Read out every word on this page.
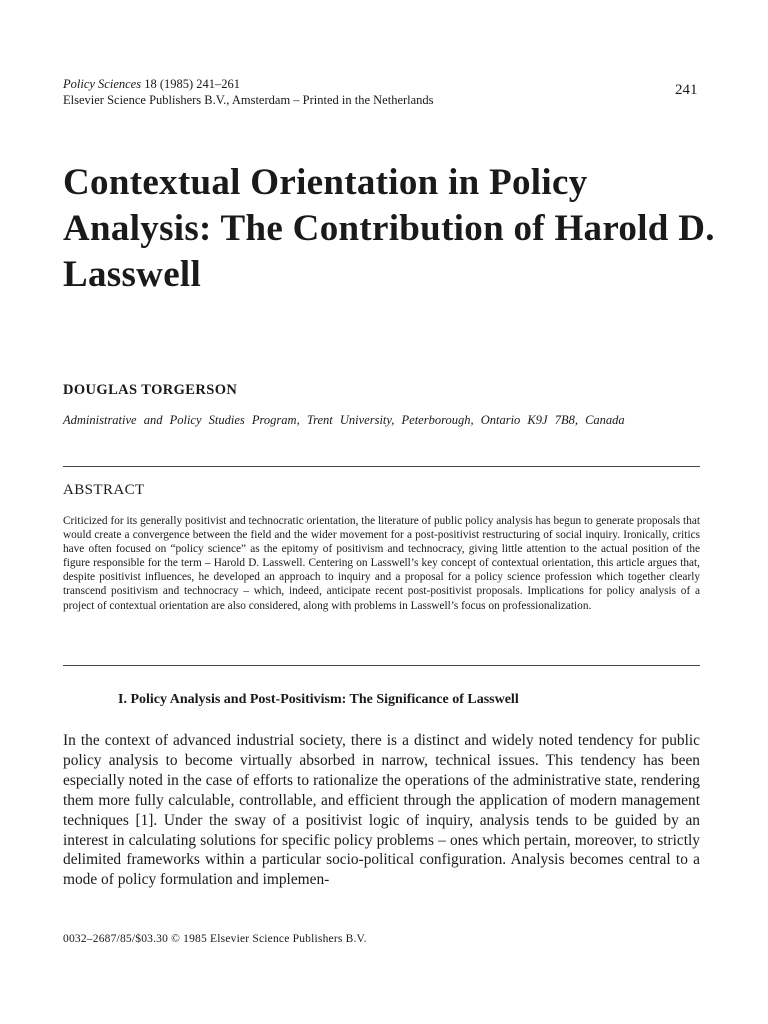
Policy Sciences 18 (1985) 241–261
Elsevier Science Publishers B.V., Amsterdam – Printed in the Netherlands
241
Contextual Orientation in Policy Analysis: The Contribution of Harold D. Lasswell
DOUGLAS TORGERSON
Administrative and Policy Studies Program, Trent University, Peterborough, Ontario K9J 7B8, Canada
ABSTRACT

Criticized for its generally positivist and technocratic orientation, the literature of public policy analysis has begun to generate proposals that would create a convergence between the field and the wider movement for a post-positivist restructuring of social inquiry. Ironically, critics have often focused on “policy science” as the epitomy of positivism and technocracy, giving little attention to the actual position of the figure responsible for the term – Harold D. Lasswell. Centering on Lasswell’s key concept of contextual orientation, this article argues that, despite positivist influences, he developed an approach to inquiry and a proposal for a policy science profession which together clearly transcend positivism and technocracy – which, indeed, anticipate recent post-positivist proposals. Implications for policy analysis of a project of contextual orientation are also considered, along with problems in Lasswell’s focus on professionalization.

I. Policy Analysis and Post-Positivism: The Significance of Lasswell

In the context of advanced industrial society, there is a distinct and widely noted tendency for public policy analysis to become virtually absorbed in narrow, technical issues. This tendency has been especially noted in the case of efforts to rationalize the operations of the administrative state, rendering them more fully calculable, controllable, and efficient through the application of modern management techniques [1]. Under the sway of a positivist logic of inquiry, analysis tends to be guided by an interest in calculating solutions for specific policy problems – ones which pertain, moreover, to strictly delimited frameworks within a particular socio-political configuration. Analysis becomes central to a mode of policy formulation and implemen-

0032–2687/85/$03.30 © 1985 Elsevier Science Publishers B.V.
